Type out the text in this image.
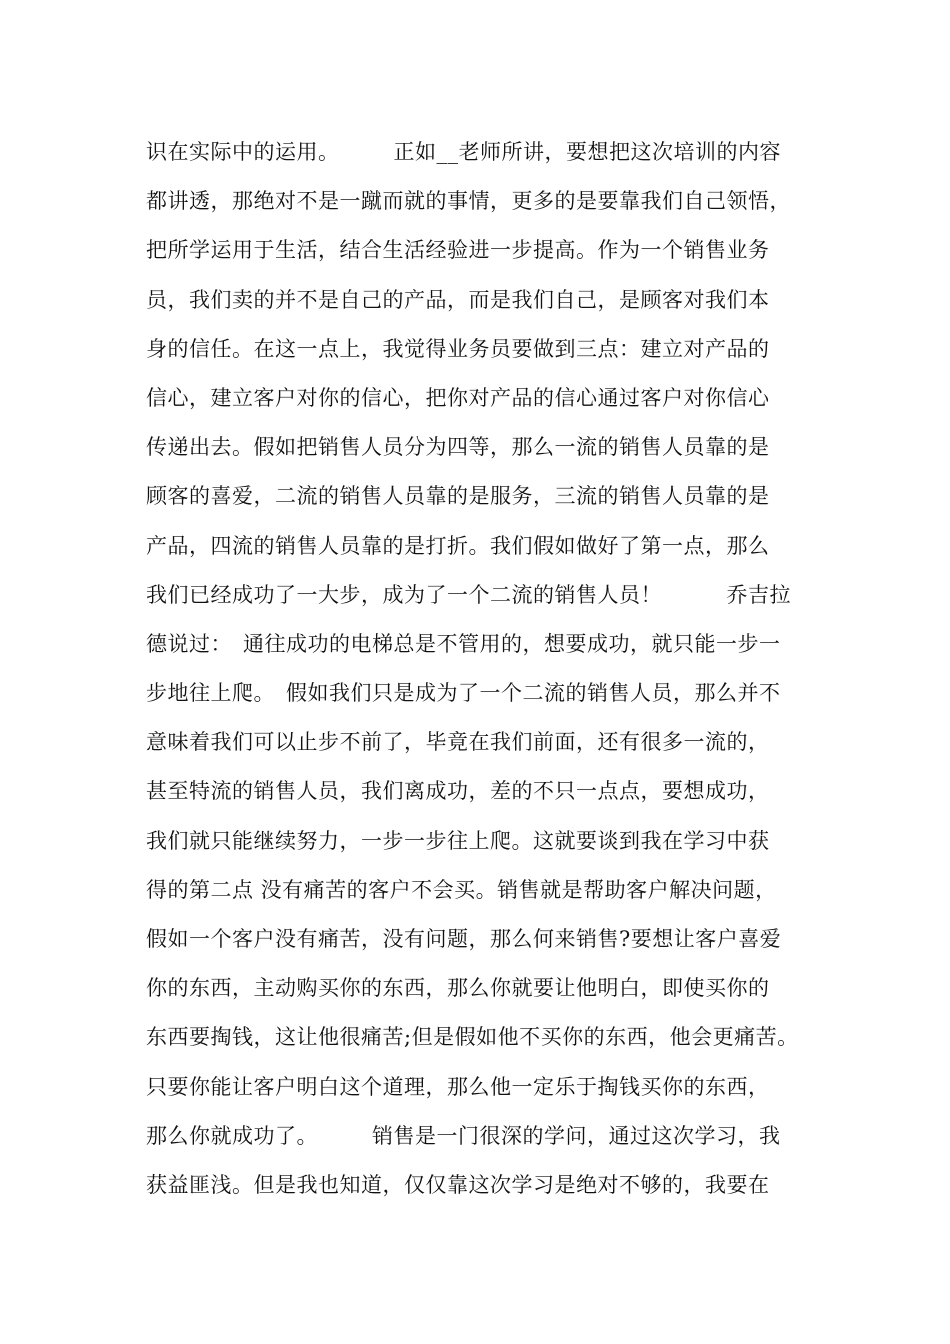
识在实际中的运用。　　　正如__老师所讲，要想把这次培训的内容
都讲透，那绝对不是一蹴而就的事情，更多的是要靠我们自己领悟，
把所学运用于生活，结合生活经验进一步提高。作为一个销售业务
员，我们卖的并不是自己的产品，而是我们自己，是顾客对我们本
身的信任。在这一点上，我觉得业务员要做到三点：建立对产品的
信心，建立客户对你的信心，把你对产品的信心通过客户对你信心
传递出去。假如把销售人员分为四等，那么一流的销售人员靠的是
顾客的喜爱，二流的销售人员靠的是服务，三流的销售人员靠的是
产品，四流的销售人员靠的是打折。我们假如做好了第一点，那么
我们已经成功了一大步，成为了一个二流的销售人员！　　　乔吉拉
德说过：　通往成功的电梯总是不管用的，想要成功，就只能一步一
步地往上爬。　假如我们只是成为了一个二流的销售人员，那么并不
意味着我们可以止步不前了，毕竟在我们前面，还有很多一流的，
甚至特流的销售人员，我们离成功，差的不只一点点，要想成功，
我们就只能继续努力，一步一步往上爬。这就要谈到我在学习中获
得的第二点 没有痛苦的客户不会买。销售就是帮助客户解决问题，
假如一个客户没有痛苦，没有问题，那么何来销售?要想让客户喜爱
你的东西，主动购买你的东西，那么你就要让他明白，即使买你的
东西要掏钱，这让他很痛苦;但是假如他不买你的东西，他会更痛苦。
只要你能让客户明白这个道理，那么他一定乐于掏钱买你的东西，
那么你就成功了。　　　销售是一门很深的学问，通过这次学习，我
获益匪浅。但是我也知道，仅仅靠这次学习是绝对不够的，我要在
